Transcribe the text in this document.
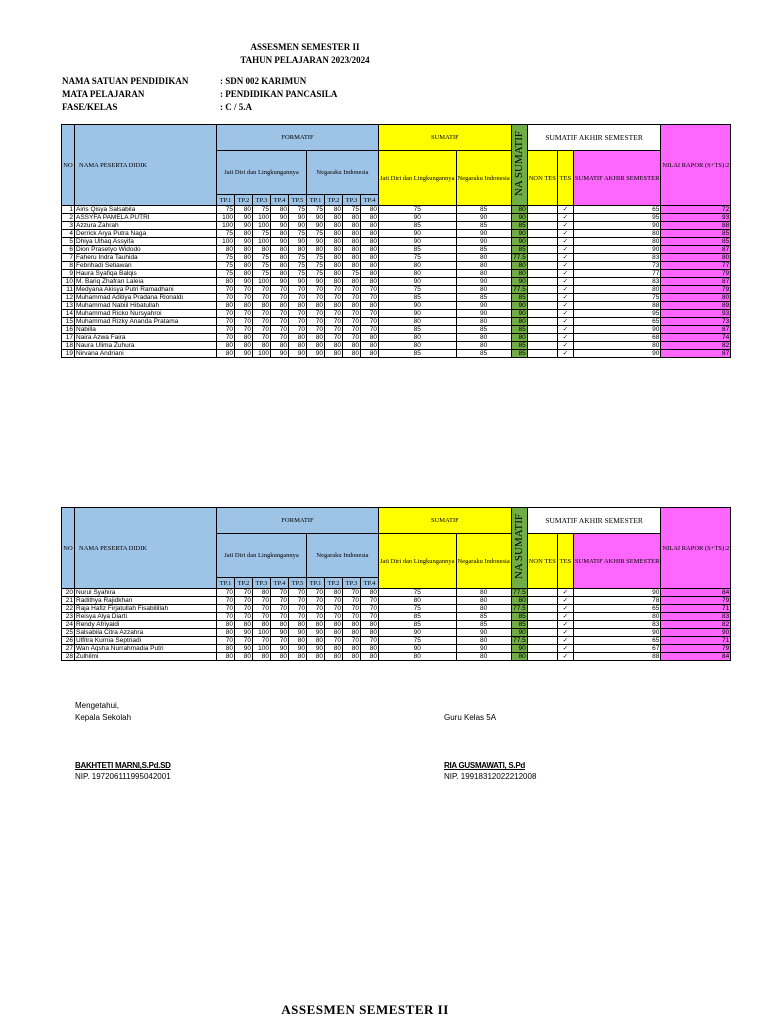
ASSESMEN SEMESTER II
TAHUN PELAJARAN 2023/2024
NAMA SATUAN PENDIDIKAN	: SDN 002 KARIMUN
MATA PELAJARAN	: PENDIDIKAN PANCASILA
FASE/KELAS	: C / 5.A
NO	NAMA PESERTA DIDIK	FORMATIF									SUMATIF		NA SUMATIF	SUMATIF AKHIR SEMESTER			NILAI RAPOR (S+TS):2
		Jati Diri dan Lingkungannya					Negaraku Indonesia				Jati Diri dan Lingkungannya	Negaraku Indonesia		NON TES	TES	SUMATIF AKHIR SEMESTER	
		TP.1	TP.2	TP.3	TP.4	TP.5	TP.1	TP.2	TP.3	TP.4							
1	Airis Qisya Salsabila	75	80	75	80	75	75	80	75	80	75	85	80		✓	65	72
2	ASSYFA PAMELA PUTRI	100	90	100	90	90	90	80	80	80	90	90	90		✓	95	93
3	Azzura Zahrah	100	90	100	90	90	90	80	80	80	85	85	85		✓	90	88
4	Derrick Arya Putra Naga	75	80	75	80	75	75	80	80	80	90	90	90		✓	80	85
5	Dhiya Ulhaq Assyifa	100	90	100	90	90	90	80	80	80	90	90	90		✓	80	85
6	Dion Prasetyo Widodo	80	80	80	80	80	80	80	80	80	85	85	85		✓	90	87
7	Faheru Indra Tauhida	75	80	75	80	75	75	80	80	80	75	80	77.5		✓	83	80
8	Febrihadi Setiawan	75	80	75	80	75	75	80	80	80	80	80	80		✓	73	77
9	Haura Syafiqa Balqis	75	80	75	80	75	75	80	75	80	80	80	80		✓	77	79
10	M. Bariq Zhafran Laleia	80	90	100	90	90	90	80	80	80	90	90	90		✓	83	87
11	Medyana Akisya Putri Ramadhani	70	70	70	70	70	70	70	70	70	75	80	77.5		✓	80	79
12	Muhammad Aditiya Pradana Rionaldi	70	70	70	70	70	70	70	70	70	85	85	85		✓	75	80
13	Muhammad Nabiil Hibatullah	80	80	80	80	80	80	80	80	80	90	90	90		✓	88	89
14	Muhammad Ricko Nursyahroi	70	70	70	70	70	70	70	70	70	90	90	90		✓	95	93
15	Muhammad Rizky Ananda Pratama	70	70	70	70	70	70	70	70	70	80	80	80		✓	65	73
16	Nabilla	70	70	70	70	70	70	70	70	70	85	85	85		✓	90	87
17	Naira Azwa Faira	70	80	70	70	80	80	70	70	80	80	80	80		✓	68	74
18	Naura Ulima Zuhura	80	80	80	80	80	80	80	80	80	80	80	85		✓	80	82
19	Nirvana Andriani	80	90	100	90	90	90	80	80	80	85	85	85		✓	90	87
NO	NAMA PESERTA DIDIK	FORMATIF									SUMATIF		NA SUMATIF	SUMATIF AKHIR SEMESTER			NILAI RAPOR (S+TS):2
		Jati Diri dan Lingkungannya					Negaraku Indonesia				Jati Diri dan Lingkungannya	Negaraku Indonesia		NON TES	TES	SUMATIF AKHIR SEMESTER	
		TP.1	TP.2	TP.3	TP.4	TP.5	TP.1	TP.2	TP.3	TP.4							
20	Nurul Syahira	70	70	80	70	70	70	80	70	80	75	80	77.5		✓	90	84
21	Radithya Rajidkhan	70	70	70	70	70	70	70	70	70	80	80	80		✓	78	79
22	Raja Hafiz Firjatullah Fisabilillah	70	70	70	70	70	70	70	70	70	75	80	77.5		✓	65	71
23	Reisya Alya Diarti	70	70	70	70	70	70	70	70	70	85	85	85		✓	80	83
24	Rendy Afriyaldi	80	80	80	80	80	80	80	80	80	85	85	85		✓	83	82
25	Salsabila Citra Azzahra	80	90	100	90	90	90	80	80	80	90	90	90		✓	90	90
26	Ulfitra Kurnia Septriadi	70	70	70	70	80	80	70	70	70	75	80	77.5		✓	65	71
27	Wan Aqsha Nurrahmadia Putri	80	90	100	90	90	90	80	80	80	90	90	90		✓	67	79
28	Zulhilmi	80	80	80	80	80	80	80	80	80	80	80	80		✓	88	84
Mengetahui,
Kepala Sekolah	Guru Kelas 5A
BAKHTETI MARNI,S.Pd.SD
NIP. 197206111995042001
RIA GUSMAWATI, S.Pd
NIP. 19918312022212008
ASSESMEN SEMESTER II
